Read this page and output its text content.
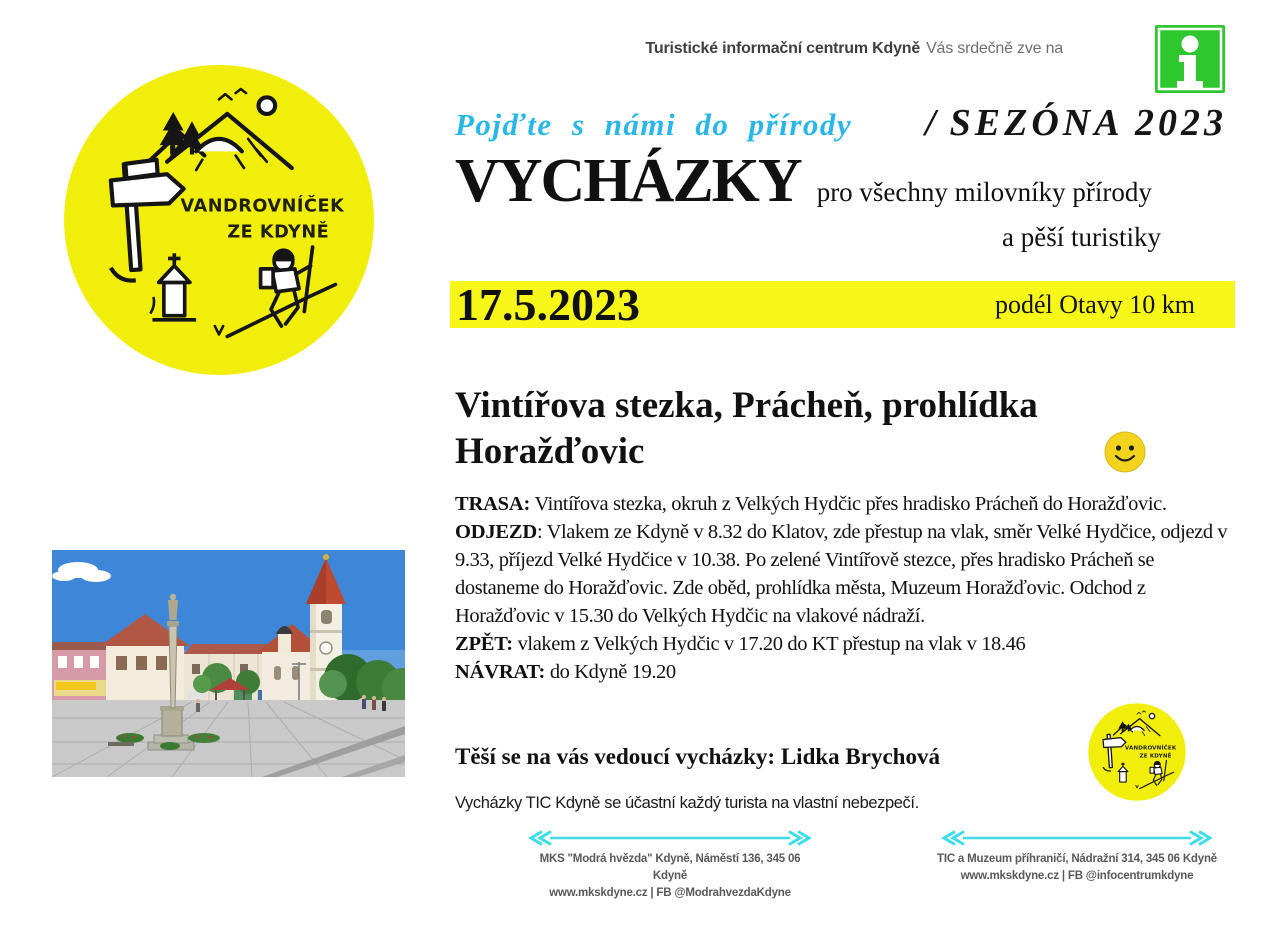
Turistické informační centrum Kdyně Vás srdečně zve na
VANDROVNÍČEK
ZE KDYNĚ
Pojďte s námi do přírody / SEZÓNA 2023
VYCHÁZKY pro všechny milovníky přírody
a pěší turistiky
17.5.2023	podél Otavy 10 km
Vintířova stezka, Prácheň, prohlídka
Horažďovic

TRASA: Vintířova stezka, okruh z Velkých Hydčic přes hradisko Prácheň do Horažďovic.

ODJEZD: Vlakem ze Kdyně v 8.32 do Klatov, zde přestup na vlak, směr Velké Hydčice, odjezd v 9.33, příjezd Velké Hydčice v 10.38. Po zelené Vintířově stezce, přes hradisko Prácheň se dostaneme do Horažďovic. Zde oběd, prohlídka města, Muzeum Horažďovic. Odchod z Horažďovic v 15.30 do Velkých Hydčic na vlakové nádraží.

ZPĚT: vlakem z Velkých Hydčic v 17.20 do KT přestup na vlak v 18.46

NÁVRAT: do Kdyně 19.20

Těší se na vás vedoucí vycházky: Lidka Brychová
Vycházky TIC Kdyně se účastní každý turista na vlastní nebezpečí.
VANDROVNÍČEK
ZE KDYNĚ
MKS "Modrá hvězda" Kdyně, Náměstí 136, 345 06 Kdyně
www.mkskdyne.cz | FB @ModrahvezdaKdyne
TIC a Muzeum příhraničí, Nádražní 314, 345 06 Kdyně
www.mkskdyne.cz | FB @infocentrumkdyne
